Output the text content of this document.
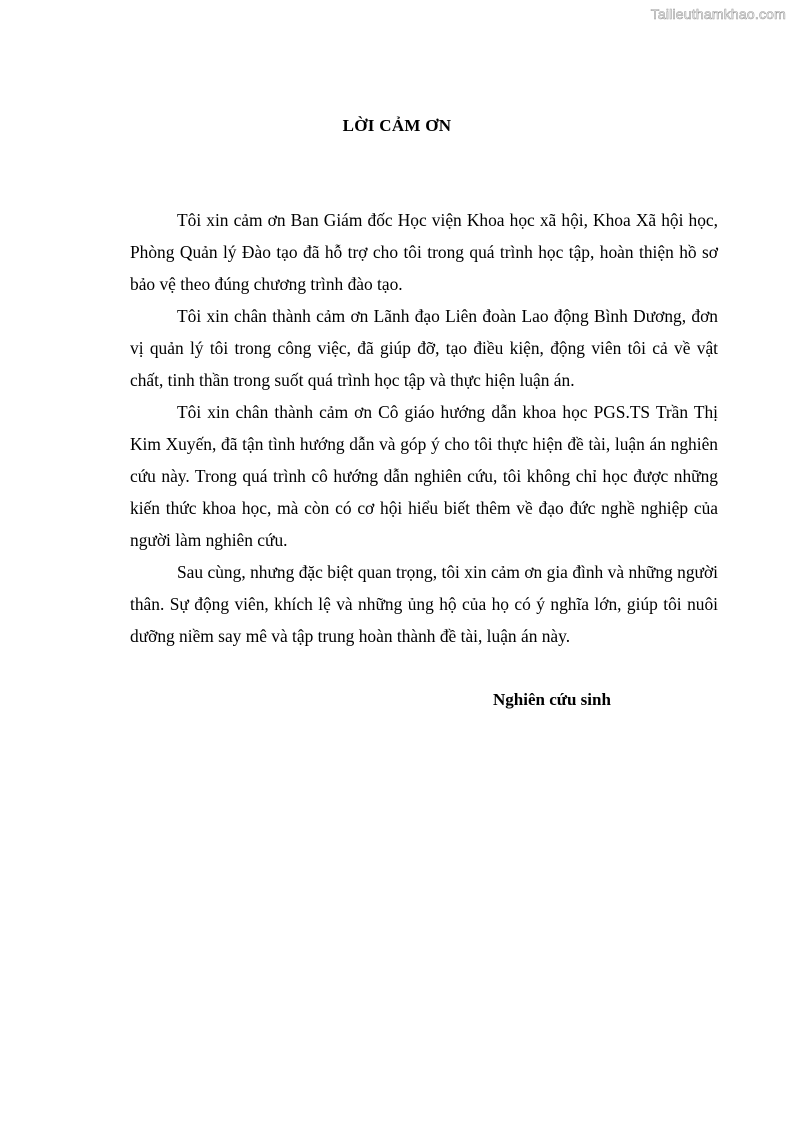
Tailieuthamkhao.com
LỜI CẢM ƠN

Tôi xin cảm ơn Ban Giám đốc Học viện Khoa học xã hội, Khoa Xã hội học, Phòng Quản lý Đào tạo đã hỗ trợ cho tôi trong quá trình học tập, hoàn thiện hồ sơ bảo vệ theo đúng chương trình đào tạo.

Tôi xin chân thành cảm ơn Lãnh đạo Liên đoàn Lao động Bình Dương, đơn vị quản lý tôi trong công việc, đã giúp đỡ, tạo điều kiện, động viên tôi cả về vật chất, tinh thần trong suốt quá trình học tập và thực hiện luận án.

Tôi xin chân thành cảm ơn Cô giáo hướng dẫn khoa học PGS.TS Trần Thị Kim Xuyến, đã tận tình hướng dẫn và góp ý cho tôi thực hiện đề tài, luận án nghiên cứu này. Trong quá trình cô hướng dẫn nghiên cứu, tôi không chỉ học được những kiến thức khoa học, mà còn có cơ hội hiểu biết thêm về đạo đức nghề nghiệp của người làm nghiên cứu.

Sau cùng, nhưng đặc biệt quan trọng, tôi xin cảm ơn gia đình và những người thân. Sự động viên, khích lệ và những ủng hộ của họ có ý nghĩa lớn, giúp tôi nuôi dưỡng niềm say mê và tập trung hoàn thành đề tài, luận án này.

Nghiên cứu sinh
